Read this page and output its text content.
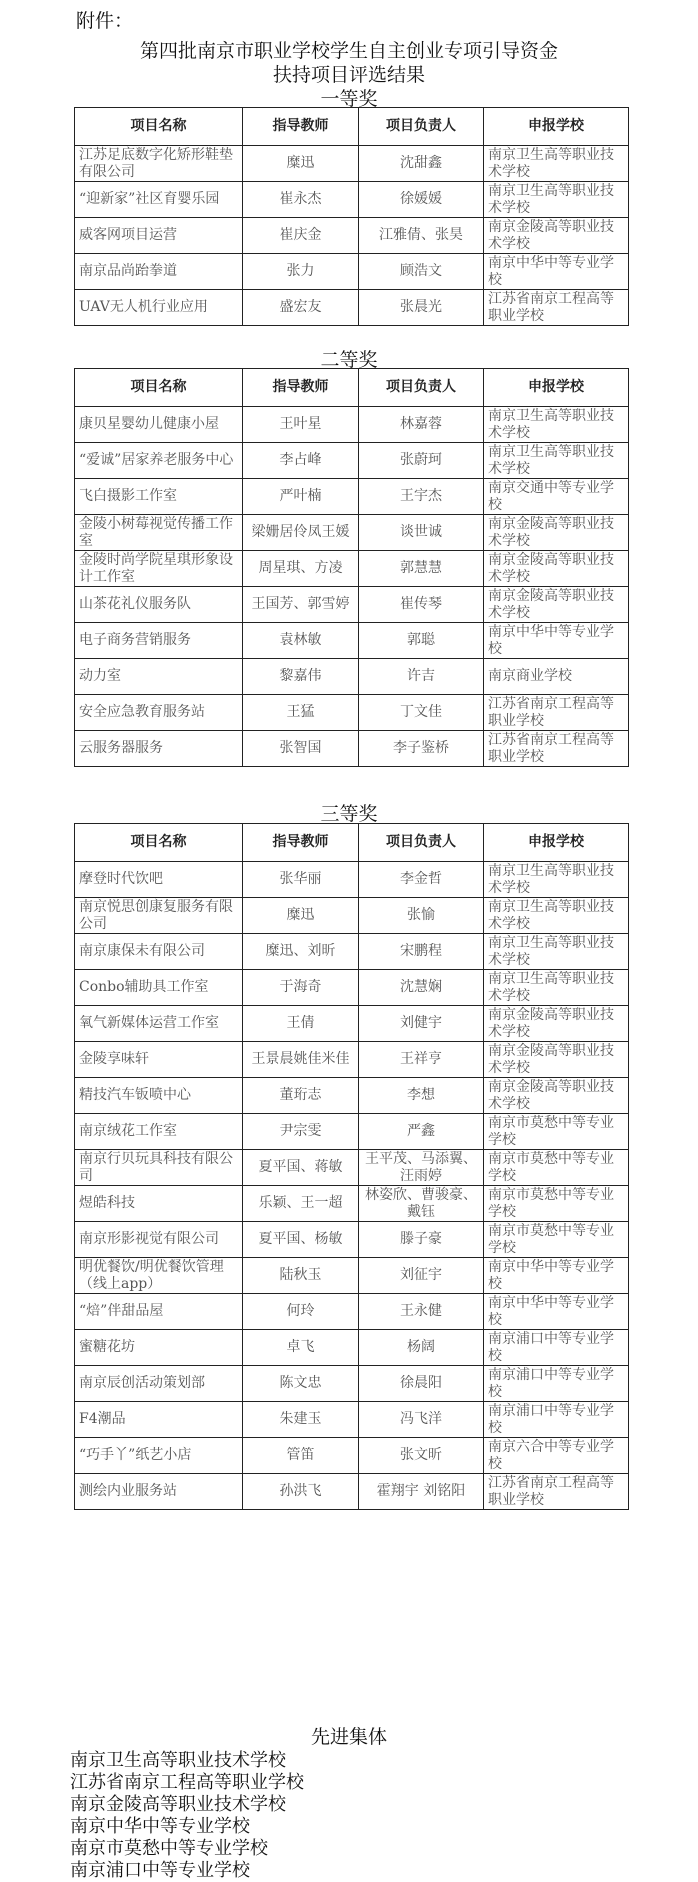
附件：
第四批南京市职业学校学生自主创业专项引导资金
扶持项目评选结果
一等奖
项目名称	指导教师	项目负责人	申报学校
江苏足底数字化矫形鞋垫有限公司	糜迅	沈甜鑫	南京卫生高等职业技术学校
“迎新家”社区育婴乐园	崔永杰	徐媛媛	南京卫生高等职业技术学校
威客网项目运营	崔庆金	江雅倩、张昊	南京金陵高等职业技术学校
南京品尚跆拳道	张力	顾浩文	南京中华中等专业学校
UAV无人机行业应用	盛宏友	张晨光	江苏省南京工程高等职业学校
二等奖
项目名称	指导教师	项目负责人	申报学校
康贝星婴幼儿健康小屋	王叶星	林嘉蓉	南京卫生高等职业技术学校
“爱诚”居家养老服务中心	李占峰	张蔚珂	南京卫生高等职业技术学校
飞白摄影工作室	严叶楠	王宇杰	南京交通中等专业学校
金陵小树莓视觉传播工作室	梁姗居伶凤王媛	谈世诚	南京金陵高等职业技术学校
金陵时尚学院星琪形象设计工作室	周星琪、方凌	郭慧慧	南京金陵高等职业技术学校
山茶花礼仪服务队	王国芳、郭雪婷	崔传琴	南京金陵高等职业技术学校
电子商务营销服务	袁林敏	郭聪	南京中华中等专业学校
动力室	黎嘉伟	许吉	南京商业学校
安全应急教育服务站	王猛	丁文佳	江苏省南京工程高等职业学校
云服务器服务	张智国	李子鉴桥	江苏省南京工程高等职业学校
三等奖
项目名称	指导教师	项目负责人	申报学校
摩登时代饮吧	张华丽	李金哲	南京卫生高等职业技术学校
南京悦思创康复服务有限公司	糜迅	张愉	南京卫生高等职业技术学校
南京康保未有限公司	糜迅、刘昕	宋鹏程	南京卫生高等职业技术学校
Conbo辅助具工作室	于海奇	沈慧娴	南京卫生高等职业技术学校
氧气新媒体运营工作室	王倩	刘健宇	南京金陵高等职业技术学校
金陵享味轩	王景晨姚佳米佳	王祥亨	南京金陵高等职业技术学校
精技汽车钣喷中心	董珩志	李想	南京金陵高等职业技术学校
南京绒花工作室	尹宗雯	严鑫	南京市莫愁中等专业学校
南京行贝玩具科技有限公司	夏平国、蒋敏	王平茂、马添翼、汪雨婷	南京市莫愁中等专业学校
煜皓科技	乐颖、王一超	林姿欣、曹骏豪、戴钰	南京市莫愁中等专业学校
南京形影视觉有限公司	夏平国、杨敏	滕子豪	南京市莫愁中等专业学校
明优餐饮/明优餐饮管理（线上app）	陆秋玉	刘征宇	南京中华中等专业学校
“焙”伴甜品屋	何玲	王永健	南京中华中等专业学校
蜜糖花坊	卓飞	杨阔	南京浦口中等专业学校
南京辰创活动策划部	陈文忠	徐晨阳	南京浦口中等专业学校
F4潮品	朱建玉	冯飞洋	南京浦口中等专业学校
“巧手丫”纸艺小店	管笛	张文昕	南京六合中等专业学校
测绘内业服务站	孙洪飞	霍翔宇 刘铭阳	江苏省南京工程高等职业学校
先进集体
南京卫生高等职业技术学校
江苏省南京工程高等职业学校
南京金陵高等职业技术学校
南京中华中等专业学校
南京市莫愁中等专业学校
南京浦口中等专业学校
